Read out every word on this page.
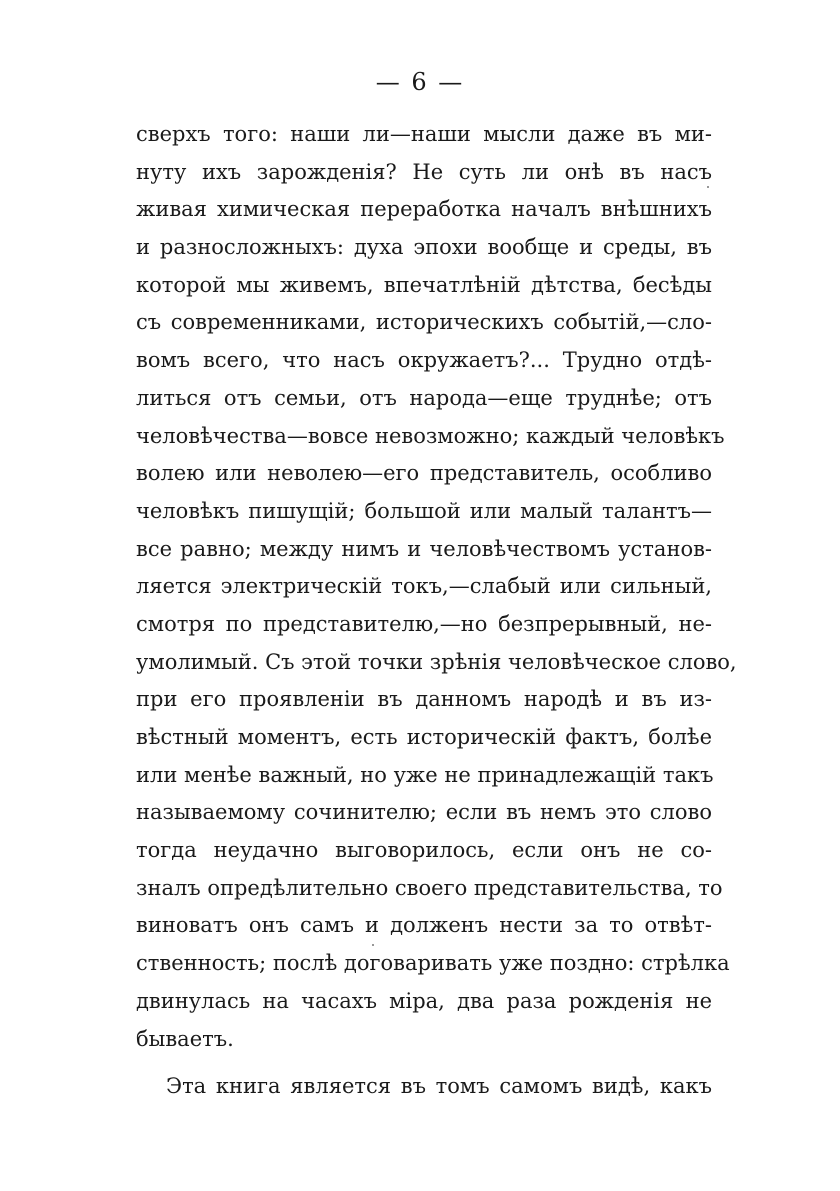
— 6 —
сверхъ того: наши ли—наши мысли даже въ ми-
нуту ихъ зарожденія? Не суть ли онѣ въ насъ
живая химическая переработка началъ внѣшнихъ
и разносложныхъ: духа эпохи вообще и среды, въ
которой мы живемъ, впечатлѣній дѣтства, бесѣды
съ современниками, историческихъ событій,—сло-
вомъ всего, что насъ окружаетъ?... Трудно отдѣ-
литься отъ семьи, отъ народа—еще труднѣе; отъ
человѣчества—вовсе невозможно; каждый человѣкъ
волею или неволею—его представитель, особливо
человѣкъ пишущій; большой или малый талантъ—
все равно; между нимъ и человѣчествомъ установ-
ляется электрическій токъ,—слабый или сильный,
смотря по представителю,—но безпрерывный, не-
умолимый. Съ этой точки зрѣнія человѣческое слово,
при его проявленіи въ данномъ народѣ и въ из-
вѣстный моментъ, есть историческій фактъ, болѣе
или менѣе важный, но уже не принадлежащій такъ
называемому сочинителю; если въ немъ это слово
тогда неудачно выговорилось, если онъ не со-
зналъ опредѣлительно своего представительства, то
виноватъ онъ самъ и долженъ нести за то отвѣт-
ственность; послѣ договаривать уже поздно: стрѣлка
двинулась на часахъ міра, два раза рожденія не
бываетъ.
Эта книга является въ томъ самомъ видѣ, какъ
